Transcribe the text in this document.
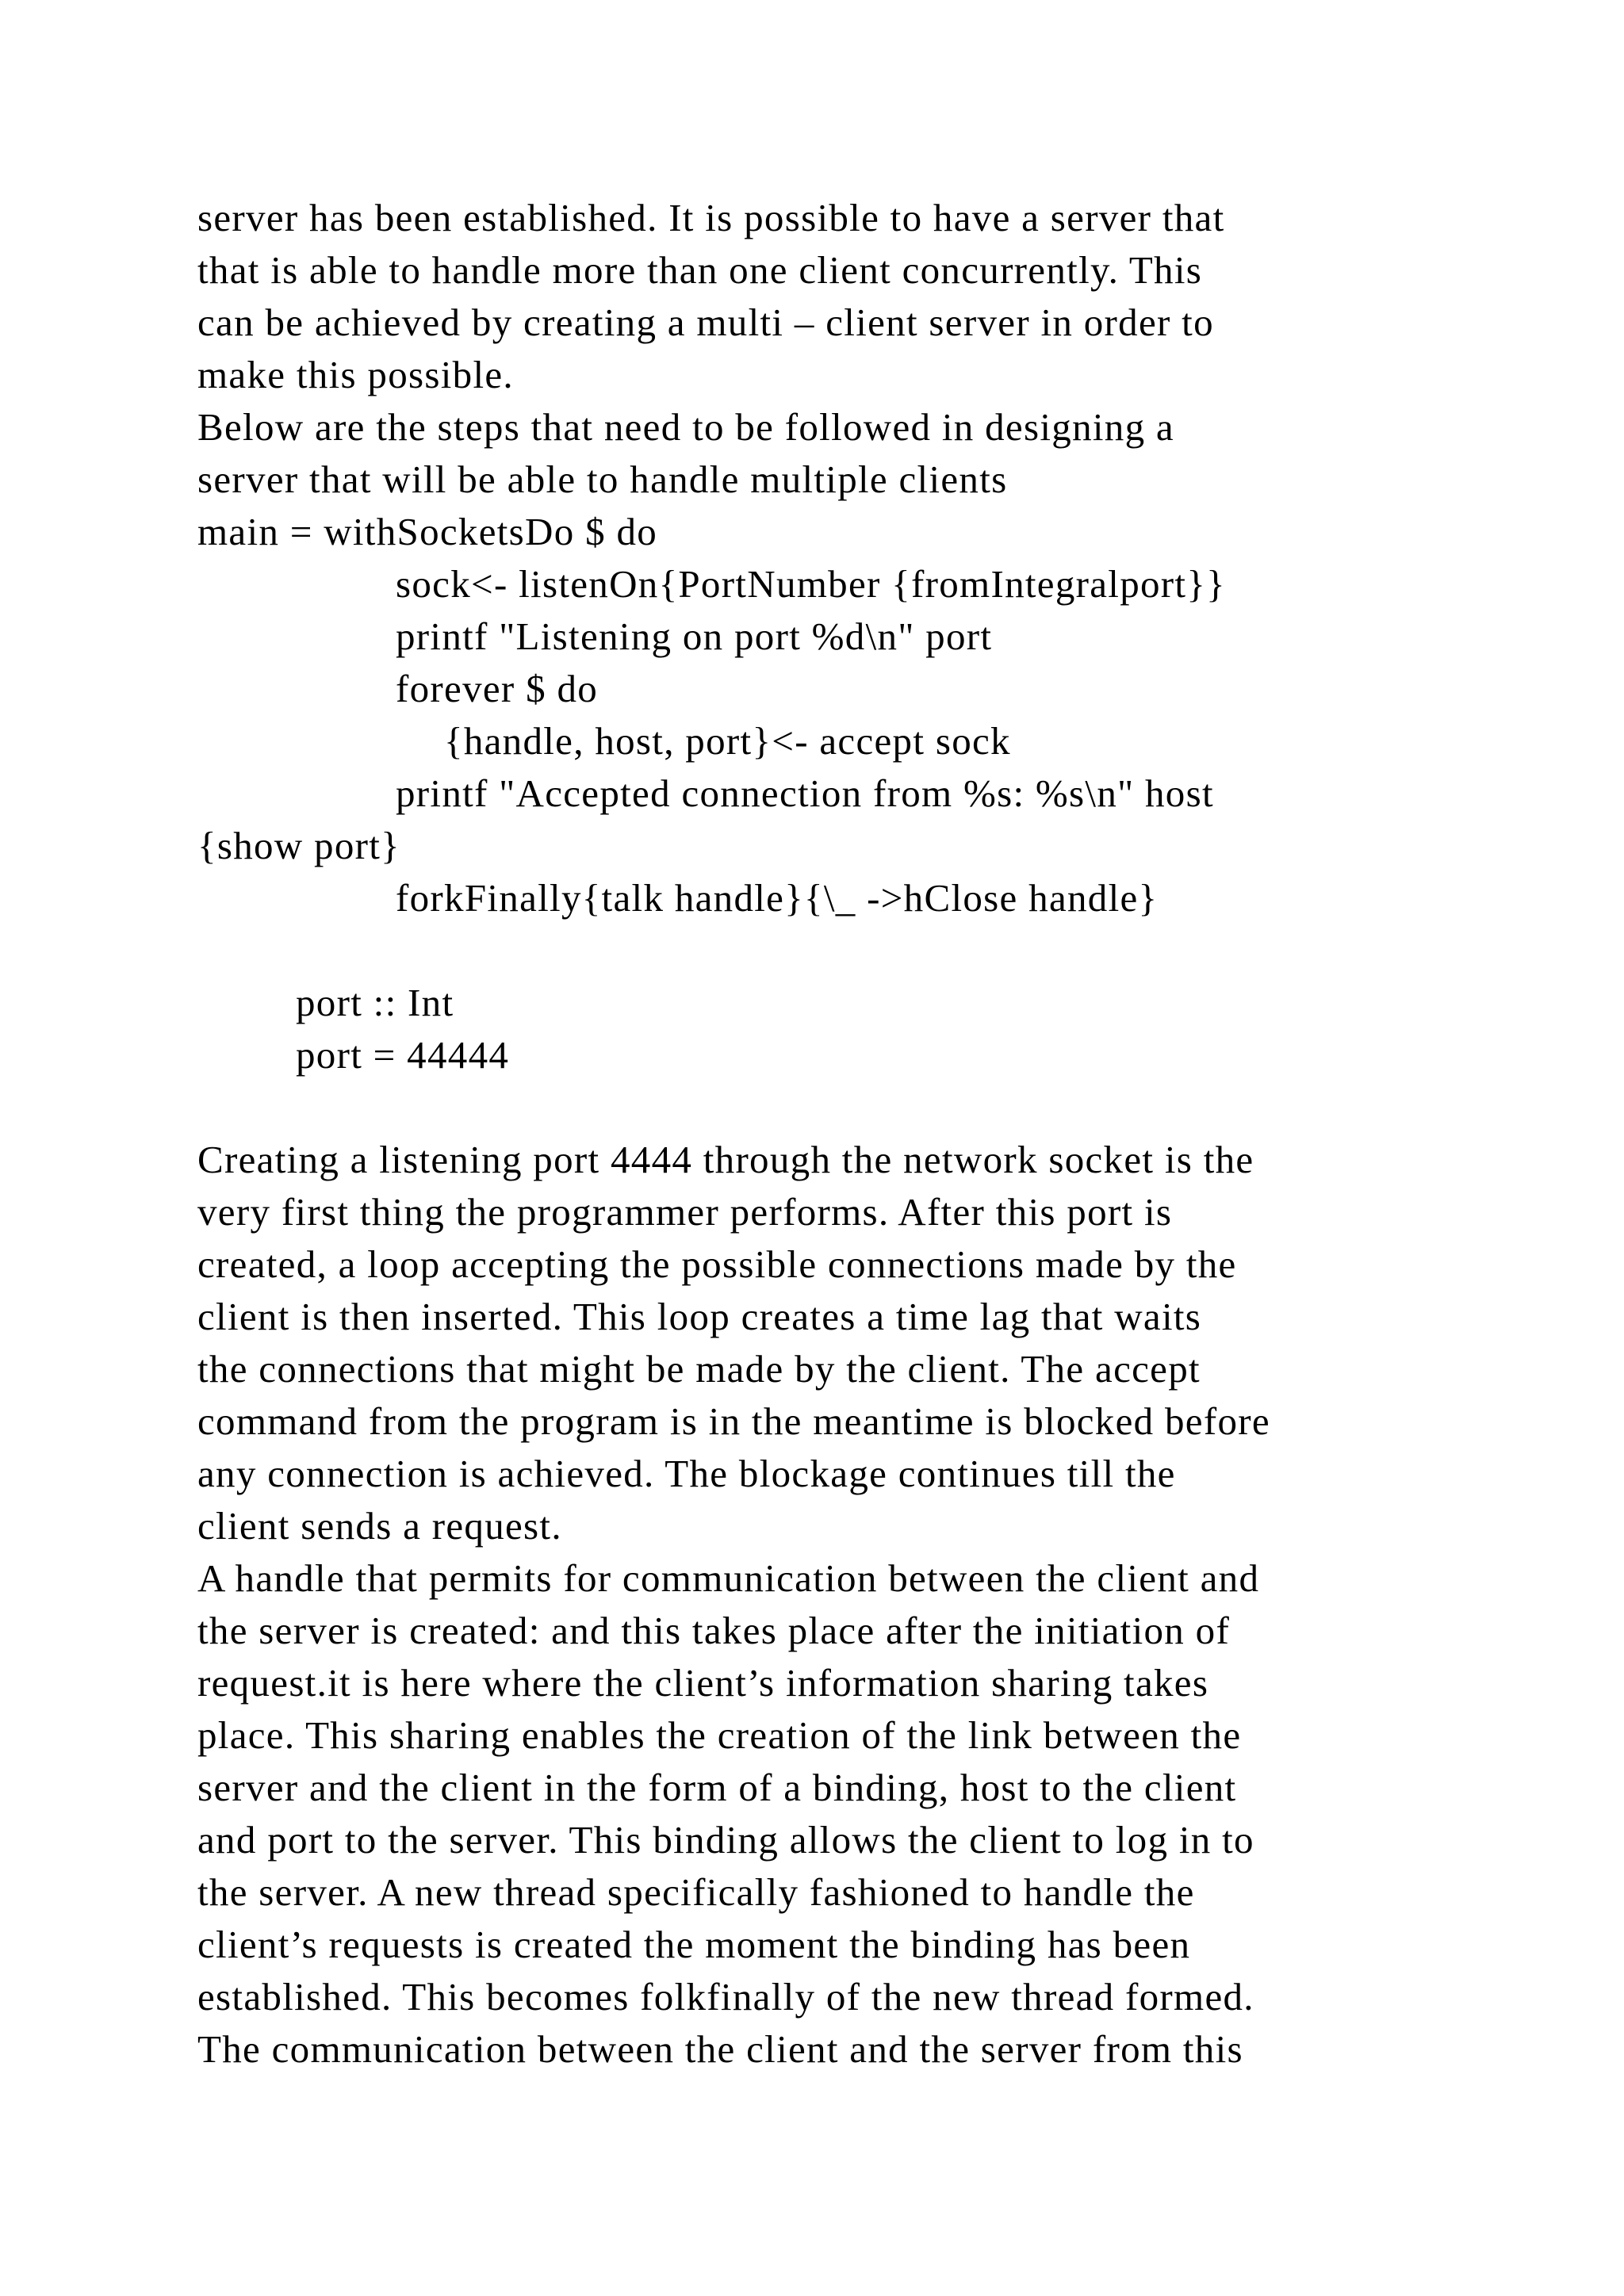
server has been established. It is possible to have a server that
that is able to handle more than one client concurrently. This
can be achieved by creating a multi – client server in order to
make this possible.
Below are the steps that need to be followed in designing a
server that will be able to handle multiple clients
main = withSocketsDo $ do
sock<- listenOn{PortNumber {fromIntegralport}}
printf "Listening on port %d\n" port
forever $ do
{handle, host, port}<- accept sock
printf "Accepted connection from %s: %s\n" host
{show port}
forkFinally{talk handle}{\_ ->hClose handle}
port :: Int
port = 44444
Creating a listening port 4444 through the network socket is the
very first thing the programmer performs. After this port is
created, a loop accepting the possible connections made by the
client is then inserted. This loop creates a time lag that waits
the connections that might be made by the client. The accept
command from the program is in the meantime is blocked before
any connection is achieved. The blockage continues till the
client sends a request.
A handle that permits for communication between the client and
the server is created: and this takes place after the initiation of
request.it is here where the client’s information sharing takes
place. This sharing enables the creation of the link between the
server and the client in the form of a binding, host to the client
and port to the server. This binding allows the client to log in to
the server. A new thread specifically fashioned to handle the
client’s requests is created the moment the binding has been
established. This becomes folkfinally of the new thread formed.
The communication between the client and the server from this
